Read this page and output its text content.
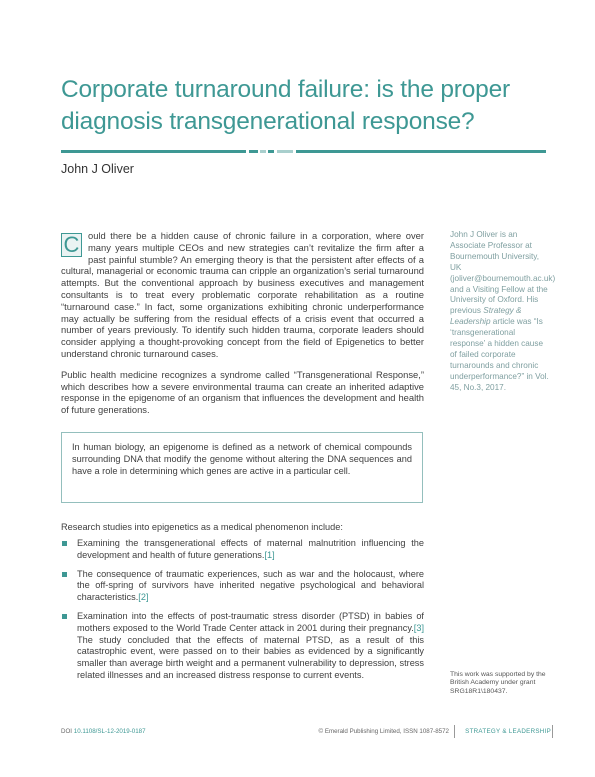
Corporate turnaround failure: is the proper diagnosis transgenerational response?
John J Oliver
C ould there be a hidden cause of chronic failure in a corporation, where over many years multiple CEOs and new strategies can’t revitalize the firm after a past painful stumble? An emerging theory is that the persistent after effects of a cultural, managerial or economic trauma can cripple an organization’s serial turnaround attempts. But the conventional approach by business executives and management consultants is to treat every problematic corporate rehabilitation as a routine “turnaround case.” In fact, some organizations exhibiting chronic underperformance may actually be suffering from the residual effects of a crisis event that occurred a number of years previously. To identify such hidden trauma, corporate leaders should consider applying a thought-provoking concept from the field of Epigenetics to better understand chronic turnaround cases.
Public health medicine recognizes a syndrome called “Transgenerational Response,” which describes how a severe environmental trauma can create an inherited adaptive response in the epigenome of an organism that influences the development and health of future generations.
John J Oliver is an Associate Professor at Bournemouth University, UK (joliver@bournemouth.ac.uk) and a Visiting Fellow at the University of Oxford. His previous Strategy & Leadership article was “Is ‘transgenerational response’ a hidden cause of failed corporate turnarounds and chronic underperformance?” in Vol. 45, No.3, 2017.
In human biology, an epigenome is defined as a network of chemical compounds surrounding DNA that modify the genome without altering the DNA sequences and have a role in determining which genes are active in a particular cell.
Research studies into epigenetics as a medical phenomenon include:
Examining the transgenerational effects of maternal malnutrition influencing the development and health of future generations.[1]
The consequence of traumatic experiences, such as war and the holocaust, where the off-spring of survivors have inherited negative psychological and behavioral characteristics.[2]
Examination into the effects of post-traumatic stress disorder (PTSD) in babies of mothers exposed to the World Trade Center attack in 2001 during their pregnancy.[3] The study concluded that the effects of maternal PTSD, as a result of this catastrophic event, were passed on to their babies as evidenced by a significantly smaller than average birth weight and a permanent vulnerability to depression, stress related illnesses and an increased distress response to current events.	This work was supported by the British Academy under grant SRG18R1\180437.
DOI 10.1108/SL-12-2019-0187	© Emerald Publishing Limited, ISSN 1087-8572	STRATEGY & LEADERSHIP
